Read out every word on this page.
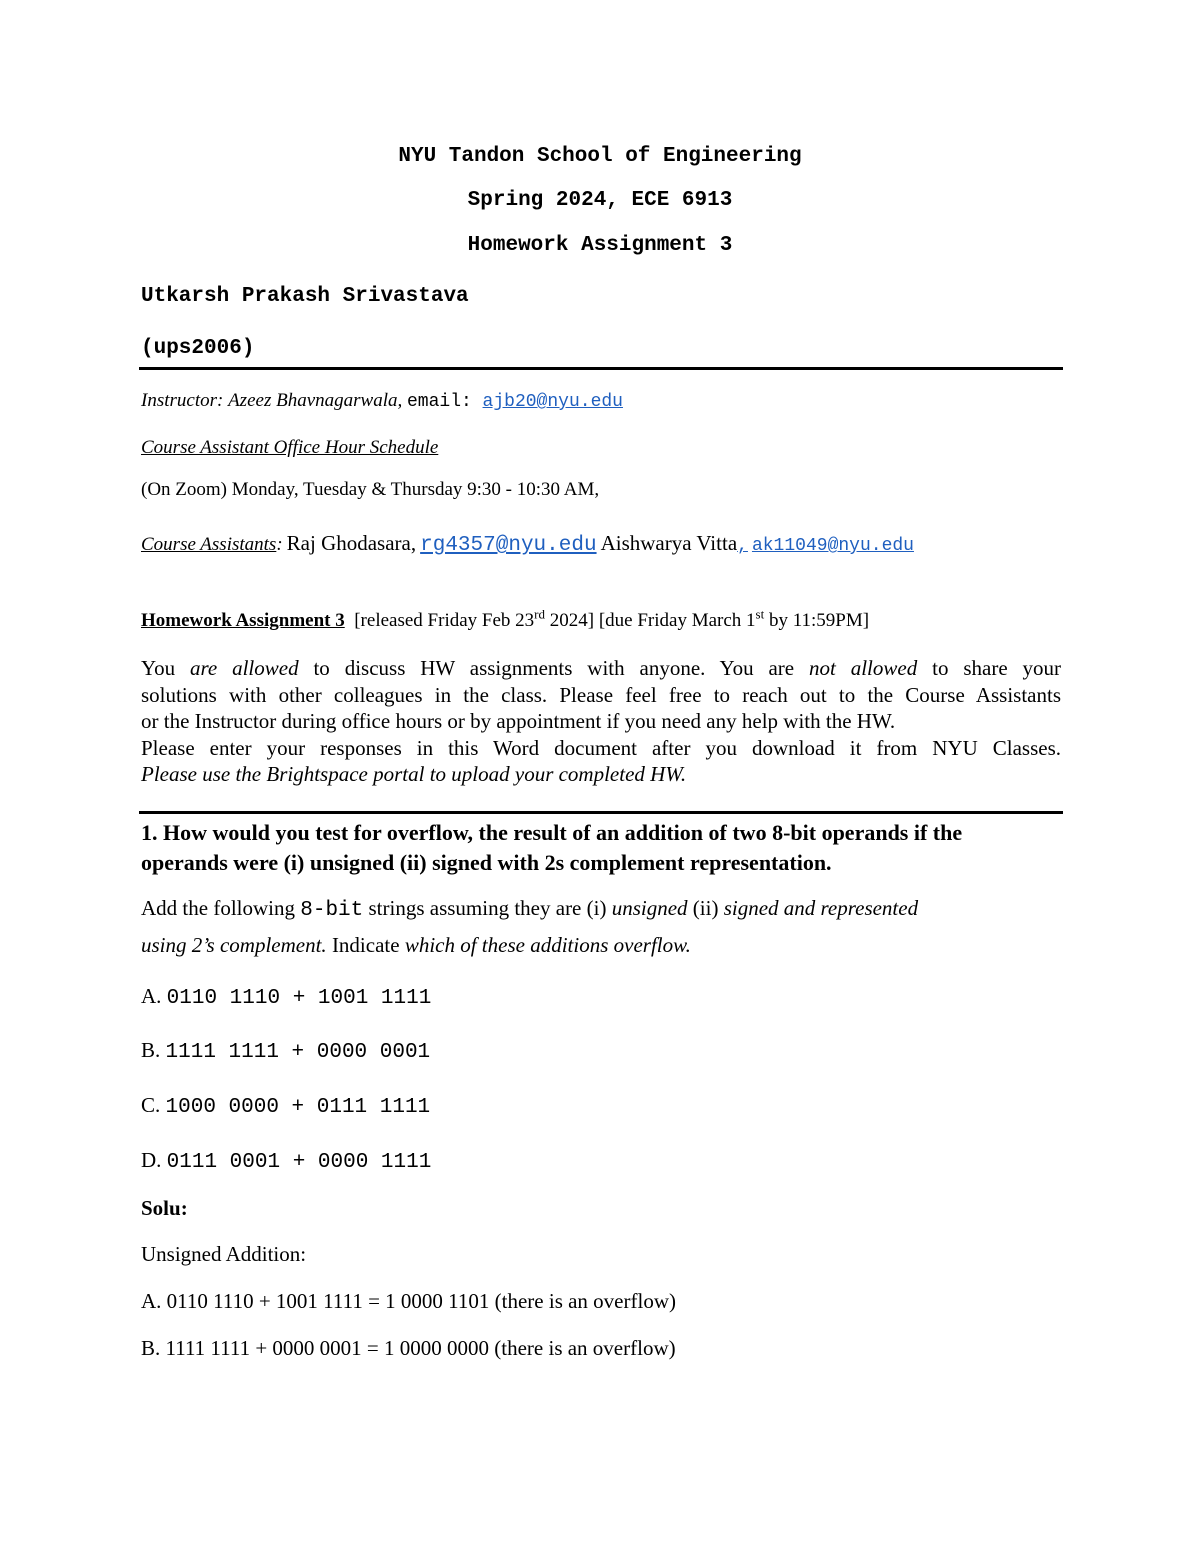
NYU Tandon School of Engineering
Spring 2024, ECE 6913
Homework Assignment 3
Utkarsh Prakash Srivastava
(ups2006)
Instructor: Azeez Bhavnagarwala, email: ajb20@nyu.edu
Course Assistant Office Hour Schedule
(On Zoom) Monday, Tuesday & Thursday 9:30 - 10:30 AM,
Course Assistants: Raj Ghodasara, rg4357@nyu.edu Aishwarya Vitta, ak11049@nyu.edu
Homework Assignment 3 [released Friday Feb 23rd 2024] [due Friday March 1st by 11:59PM]
You are allowed to discuss HW assignments with anyone. You are not allowed to share your
solutions with other colleagues in the class. Please feel free to reach out to the Course Assistants
or the Instructor during office hours or by appointment if you need any help with the HW.
Please enter your responses in this Word document after you download it from NYU Classes.
Please use the Brightspace portal to upload your completed HW.
1. How would you test for overflow, the result of an addition of two 8-bit operands if the
operands were (i) unsigned (ii) signed with 2s complement representation.
Add the following 8-bit strings assuming they are (i) unsigned (ii) signed and represented
using 2’s complement. Indicate which of these additions overflow.
A. 0110 1110 + 1001 1111
B. 1111 1111 + 0000 0001
C. 1000 0000 + 0111 1111
D. 0111 0001 + 0000 1111
Solu:
Unsigned Addition:
A. 0110 1110 + 1001 1111 = 1 0000 1101 (there is an overflow)
B. 1111 1111 + 0000 0001 = 1 0000 0000 (there is an overflow)
